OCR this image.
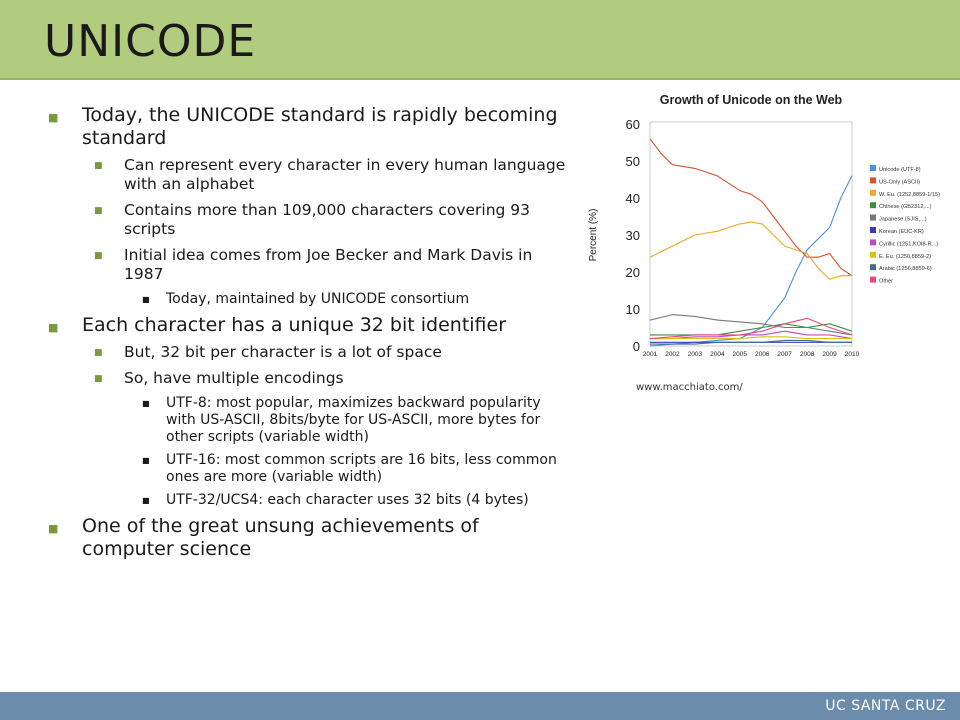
UNICODE
■ Today, the UNICODE standard is rapidly becoming standard
■ Can represent every character in every human language with an alphabet
■ Contains more than 109,000 characters covering 93 scripts
■ Initial idea comes from Joe Becker and Mark Davis in 1987
■ Today, maintained by UNICODE consortium
■ Each character has a unique 32 bit identifier
■ But, 32 bit per character is a lot of space
■ So, have multiple encodings
■ UTF-8: most popular, maximizes backward popularity with US-ASCII, 8bits/byte for US-ASCII, more bytes for other scripts (variable width)
■ UTF-16: most common scripts are 16 bits, less common ones are more (variable width)
■ UTF-32/UCS4: each character uses 32 bits (4 bytes)
■ One of the great unsung achievements of computer science
Growth of Unicode on the Web
0
10
20
30
40
50
60
Percent (%)
2001 2002 2003 2004 2005 2006 2007 2008 2009 2010
Unicode (UTF-8)
US-Only (ASCII)
W. Eu. (1252,8859-1/15)
Chinese (GB2312,...)
Japanese (SJIS,...)
Korean (EUC-KR)
Cyrillic (1251,KOI8-R...)
E. Eu. (1250,8859-2)
Arabic (1256,8859-6)
Other
www.macchiato.com/
UC SANTA CRUZ
